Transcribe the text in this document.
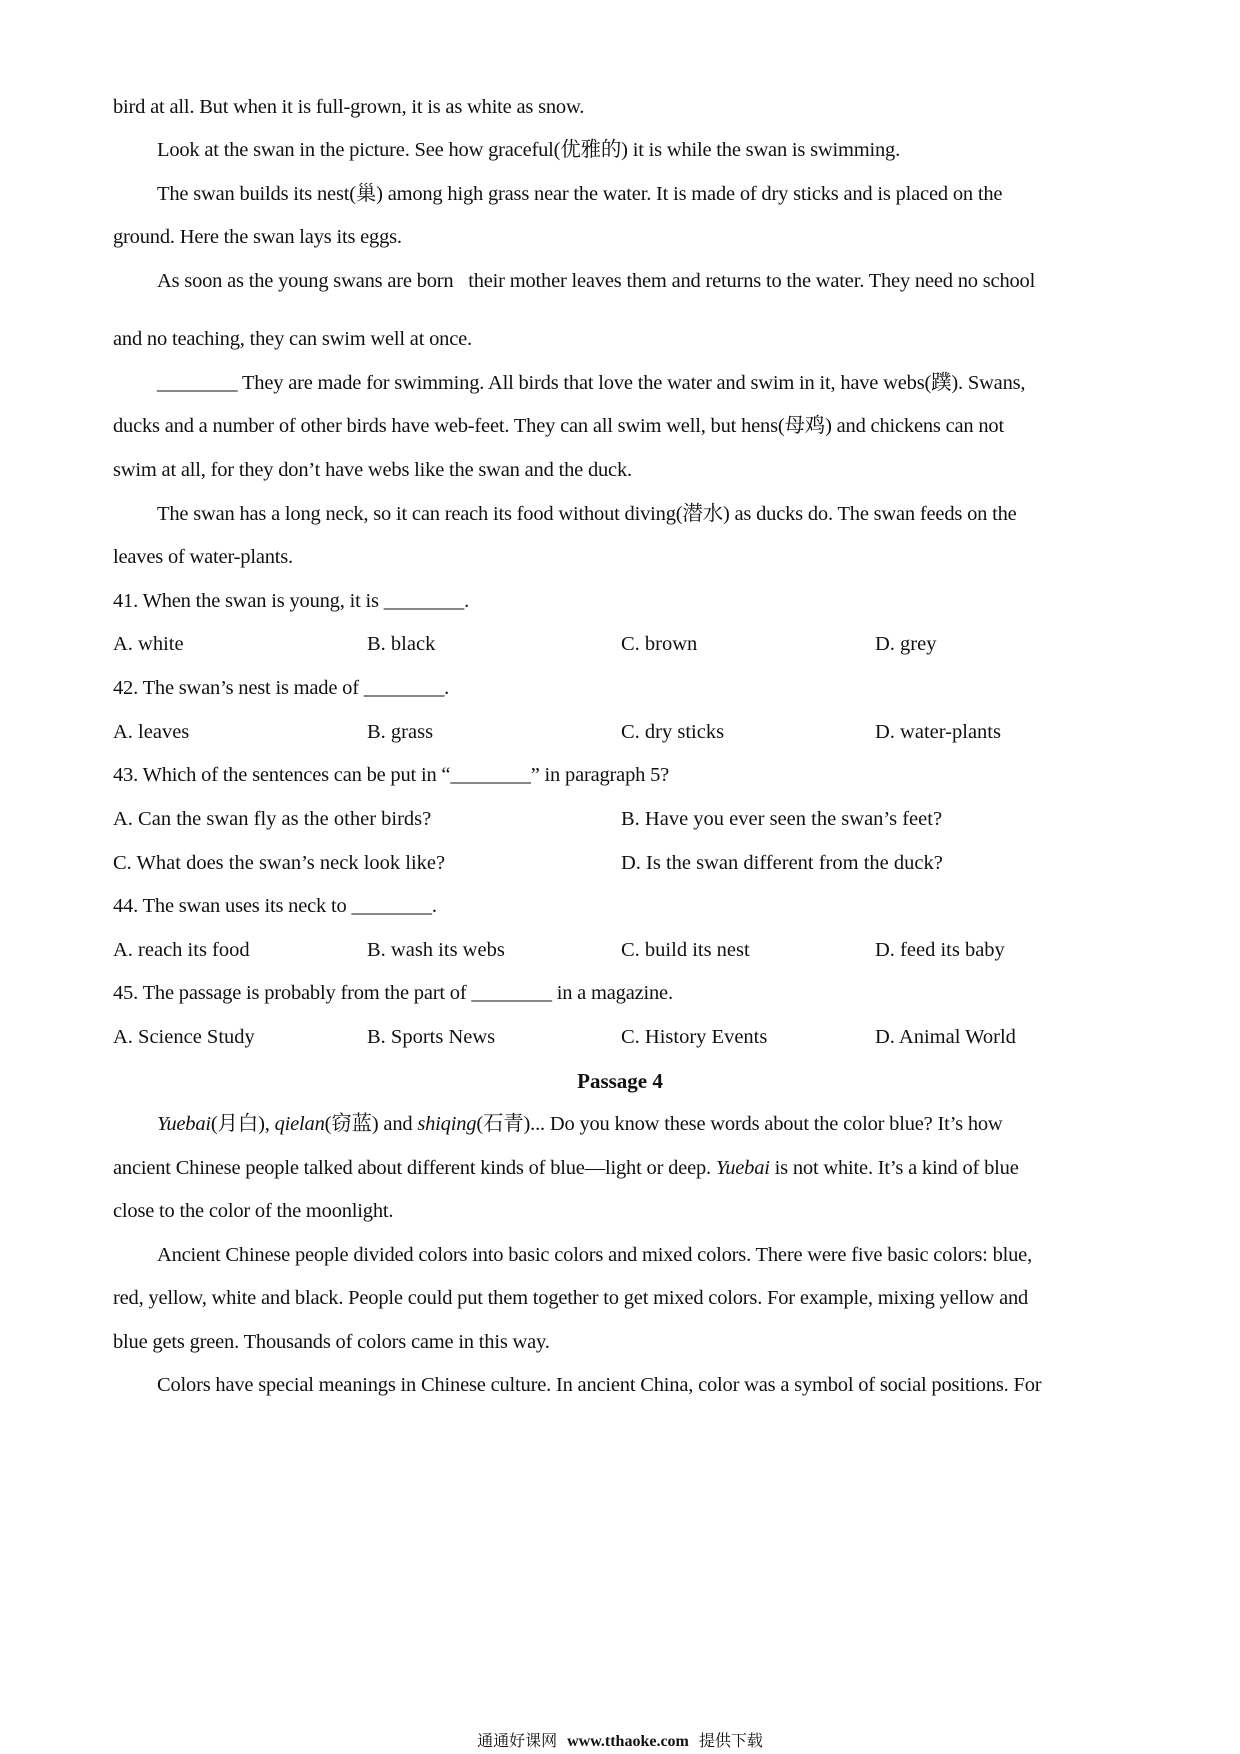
bird at all. But when it is full-grown, it is as white as snow.
Look at the swan in the picture. See how graceful(优雅的) it is while the swan is swimming.
The swan builds its nest(巢) among high grass near the water. It is made of dry sticks and is placed on the
ground. Here the swan lays its eggs.
As soon as the young swans are born   their mother leaves them and returns to the water. They need no school
and no teaching, they can swim well at once.
________ They are made for swimming. All birds that love the water and swim in it, have webs(蹼). Swans,
ducks and a number of other birds have web-feet. They can all swim well, but hens(母鸡) and chickens can not
swim at all, for they don’t have webs like the swan and the duck.
The swan has a long neck, so it can reach its food without diving(潜水) as ducks do. The swan feeds on the
leaves of water-plants.
41. When the swan is young, it is ________.
A. white	B. black	C. brown	D. grey
42. The swan’s nest is made of ________.
A. leaves	B. grass	C. dry sticks	D. water-plants
43. Which of the sentences can be put in “________” in paragraph 5?
A. Can the swan fly as the other birds?	B. Have you ever seen the swan’s feet?
C. What does the swan’s neck look like?	D. Is the swan different from the duck?
44. The swan uses its neck to ________.
A. reach its food	B. wash its webs	C. build its nest	D. feed its baby
45. The passage is probably from the part of ________ in a magazine.
A. Science Study	B. Sports News	C. History Events	D. Animal World
Passage 4
Yuebai(月白), qielan(窃蓝) and shiqing(石青)... Do you know these words about the color blue? It’s how
ancient Chinese people talked about different kinds of blue—light or deep. Yuebai is not white. It’s a kind of blue
close to the color of the moonlight.
Ancient Chinese people divided colors into basic colors and mixed colors. There were five basic colors: blue,
red, yellow, white and black. People could put them together to get mixed colors. For example, mixing yellow and
blue gets green. Thousands of colors came in this way.
Colors have special meanings in Chinese culture. In ancient China, color was a symbol of social positions. For
通通好课网 www.tthaoke.com 提供下载
